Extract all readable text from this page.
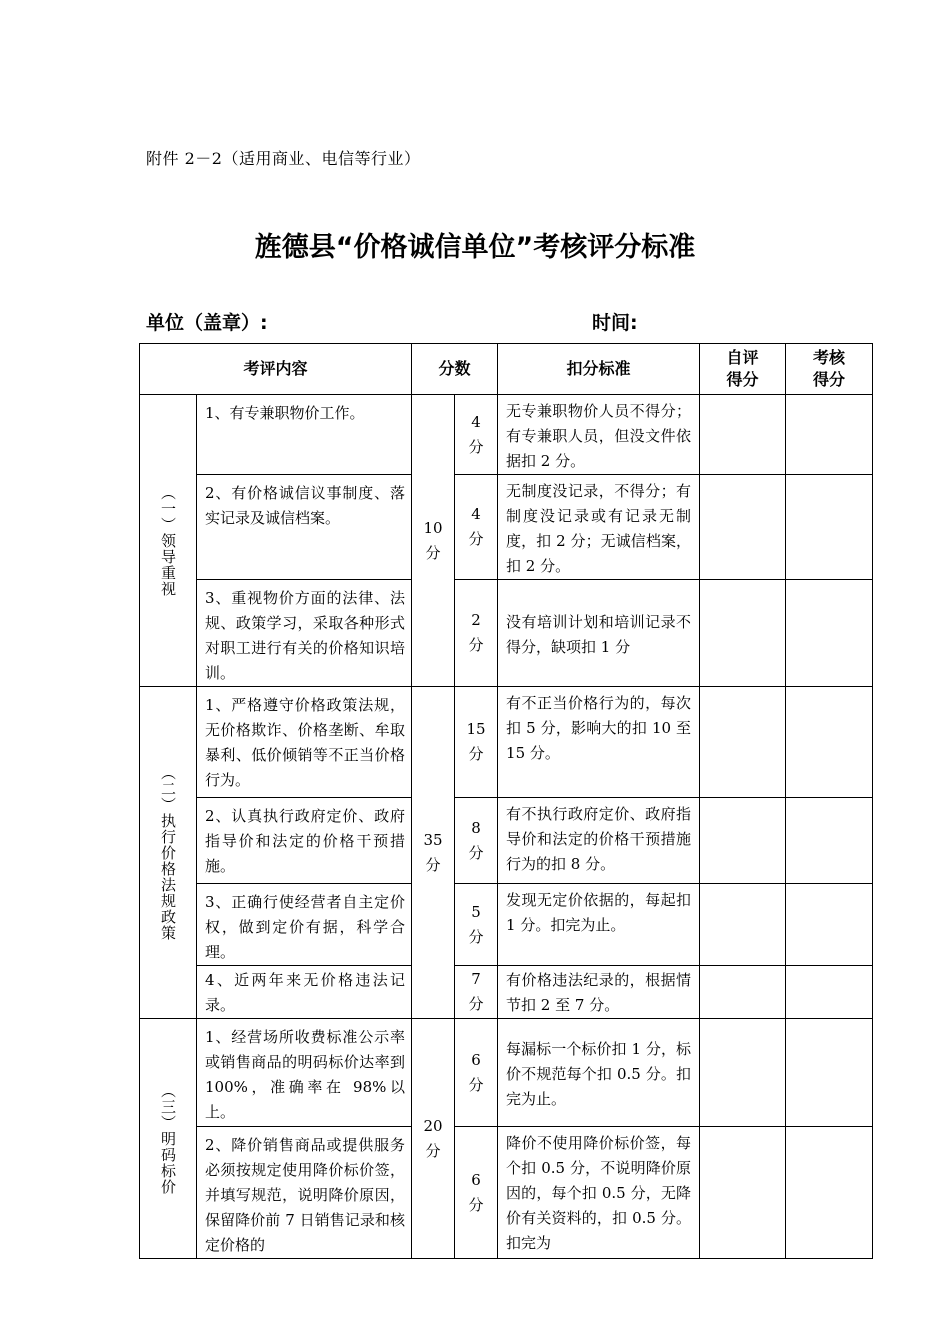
附件 2－2（适用商业、电信等行业）
旌德县“价格诚信单位”考核评分标准
单位（盖章）:	时间:
考评内容		分数		扣分标准	自评得分	考核得分

（一）领导重视	1、有专兼职物价工作。	10分	4分	无专兼职物价人员不得分；有专兼职人员，但没文件依据扣 2 分。		
	2、有价格诚信议事制度、落实记录及诚信档案。		4分	无制度没记录，不得分；有制度没记录或有记录无制度，扣 2 分；无诚信档案，扣 2 分。		
	3、重视物价方面的法律、法规、政策学习，采取各种形式对职工进行有关的价格知识培训。		2分	没有培训计划和培训记录不得分，缺项扣 1 分		

（二）执行价格法规政策	1、严格遵守价格政策法规，无价格欺诈、价格垄断、牟取暴利、低价倾销等不正当价格行为。	35分	15分	有不正当价格行为的，每次扣 5 分，影响大的扣 10 至 15 分。		
	2、认真执行政府定价、政府指导价和法定的价格干预措施。		8分	有不执行政府定价、政府指导价和法定的价格干预措施行为的扣 8 分。		
	3、正确行使经营者自主定价权，做到定价有据，科学合理。		5分	发现无定价依据的，每起扣 1 分。扣完为止。		
	4、近两年来无价格违法记录。		7分	有价格违法纪录的，根据情节扣 2 至 7 分。		

（三）明码标价	1、经营场所收费标准公示率或销售商品的明码标价达率到 100%，准确率在 98%以上。	20分	6分	每漏标一个标价扣 1 分，标价不规范每个扣 0.5 分。扣完为止。		

	2、降价销售商品或提供服务必须按规定使用降价标价签，并填写规范，说明降价原因，保留降价前 7 日销售记录和核定价格的		6分	降价不使用降价标价签，每个扣 0.5 分，不说明降价原因的，每个扣 0.5 分，无降价有关资料的，扣 0.5 分。扣完为		
